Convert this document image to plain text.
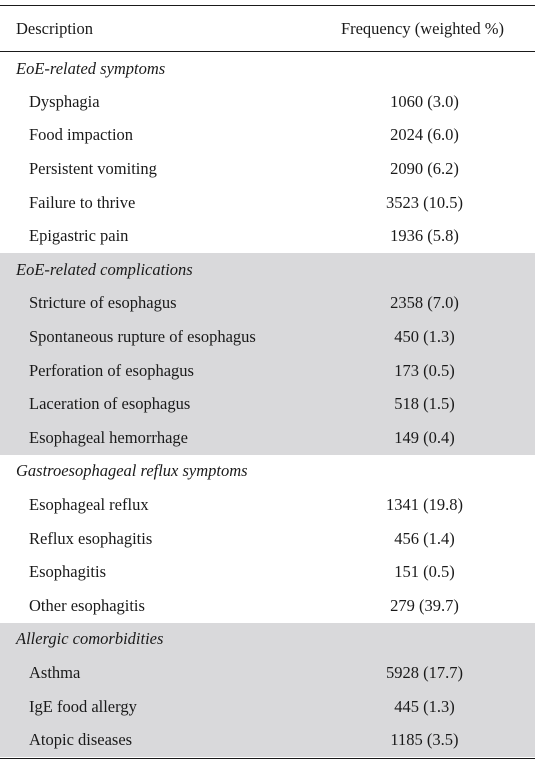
Description	Frequency (weighted %)
EoE-related symptoms	
Dysphagia	1060 (3.0)
Food impaction	2024 (6.0)
Persistent vomiting	2090 (6.2)
Failure to thrive	3523 (10.5)
Epigastric pain	1936 (5.8)
EoE-related complications	
Stricture of esophagus	2358 (7.0)
Spontaneous rupture of esophagus	450 (1.3)
Perforation of esophagus	173 (0.5)
Laceration of esophagus	518 (1.5)
Esophageal hemorrhage	149 (0.4)
Gastroesophageal reflux symptoms	
Esophageal reflux	1341 (19.8)
Reflux esophagitis	456 (1.4)
Esophagitis	151 (0.5)
Other esophagitis	279 (39.7)
Allergic comorbidities	
Asthma	5928 (17.7)
IgE food allergy	445 (1.3)
Atopic diseases	1185 (3.5)
